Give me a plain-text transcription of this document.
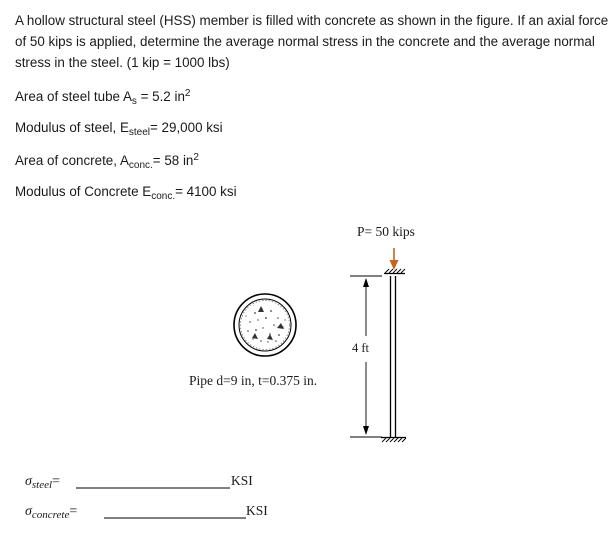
A hollow structural steel (HSS) member is filled with concrete as shown in the figure. If an axial force of 50 kips is applied, determine the average normal stress in the concrete and the average normal stress in the steel. (1 kip = 1000 lbs)

Area of steel tube $A_s = 5.2$ $in^2$
Modulus of steel, $E_{steel}= 29,000$ ksi
Area of concrete, $A_{conc.}= 58$ $in^2$
Modulus of Concrete $E_{conc.}= 4100$ ksi
P= 50 kips
4 ft
Pipe d=9 in, t=0.375 in.
$\sigma_{steel}=$	KSI
$\sigma_{concrete}=$	KSI
